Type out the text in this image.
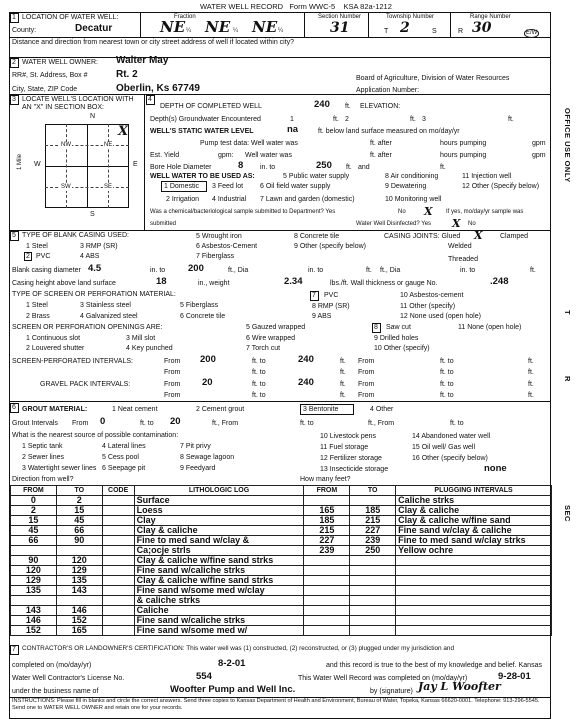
WATER WELL RECORD Form WWC-5 KSA 82a-1212
1 LOCATION OF WATER WELL:
County:	Decatur
Fraction
NE ¼ NE ¼ NE ¼
Section Number
31
Township Number
T 2	S
Range Number
R 30	E/W
Distance and direction from nearest town or city street address of well if located within city?
2 WATER WELL OWNER: Walter May
RR#, St. Address, Box #	Rt. 2
City, State, ZIP Code	Oberlin, Ks 67749
Board of Agriculture, Division of Water Resources
Application Number:
3 LOCATE WELL'S LOCATION WITH AN "X" IN SECTION BOX:
N
S
W	E
1 Mile
NW	NE
SW	SE
X
4
DEPTH OF COMPLETED WELL	240 ft. ELEVATION:
Depth(s) Groundwater Encountered	1	ft. 2	ft. 3	ft.
WELL'S STATIC WATER LEVEL	na	ft. below land surface measured on mo/day/yr
Pump test data: Well water was	ft. after	hours pumping	gpm
Est. Yield	gpm: Well water was	ft. after	hours pumping	gpm
Bore Hole Diameter	8 in. to	250 ft. and	ft.
WELL WATER TO BE USED AS:	5 Public water supply	8 Air conditioning	11 Injection well
1 Domestic 3 Feed lot 6 Oil field water supply	9 Dewatering	12 Other (Specify below)
2 Irrigation 4 Industrial 7 Lawn and garden (domestic)	10 Monitoring well
Was a chemical/bacteriological sample submitted to Department? Yes	No X If yes, mo/day/yr sample was
submitted	Water Well Disinfected? Yes X No
5 TYPE OF BLANK CASING USED:
1 Steel	3 RMP (SR)
5 Wrought iron	8 Concrete tile	CASING JOINTS: Glued X Clamped
6 Asbestos-Cement	9 Other (specify below)	Welded
2 PVC	4 ABS	7 Fiberglass	Threaded
Blank casing diameter 4.5	in. to 200	ft., Dia	in. to	ft. ft., Dia	in. to	ft.
Casing height above land surface	18	in., weight	2.34	lbs./ft. Wall thickness or gauge No.	.248
TYPE OF SCREEN OR PERFORATION MATERIAL:
1 Steel	3 Stainless steel	5 Fiberglass
7 PVC	10 Asbestos-cement
8 RMP (SR)	11 Other (specify)
2 Brass	4 Galvanized steel	6 Concrete tile	9 ABS	12 None used (open hole)
SCREEN OR PERFORATION OPENINGS ARE:	5 Gauzed wrapped	8 Saw cut	11 None (open hole)
1 Continuous slot	3 Mill slot	6 Wire wrapped	9 Drilled holes
2 Louvered shutter	4 Key punched	7 Torch cut	10 Other (specify)
SCREEN-PERFORATED INTERVALS:	From 200	ft. to	240	ft. From	ft. to	ft.
From	ft. to	ft. From	ft. to	ft.
GRAVEL PACK INTERVALS:	From 20	ft. to	240	ft. From	ft. to	ft.
From	ft. to	ft. From	ft. to	ft.
6 GROUT MATERIAL:	1 Neat cement	2 Cement grout	3 Bentonite	4 Other
Grout Intervals From 0	ft. to 20	ft., From	ft. to	ft., From	ft. to
What is the nearest source of possible contamination:
1 Septic tank	4 Lateral lines	7 Pit privy
10 Livestock pens	14 Abandoned water well
11 Fuel storage	15 Oil well/ Gas well
2 Sewer lines	5 Cess pool	8 Sewage lagoon	12 Fertilizer storage	16 Other (specify below)
3 Watertight sewer lines 6 Seepage pit	9 Feedyard	13 Insecticide storage	none
Direction from well?	How many feet?
FROM	TO	CODE	LITHOLOGIC LOG	FROM	TO	PLUGGING INTERVALS
0	2		Surface			Caliche strks
2	15		Loess	165	185	Clay & caliche
15	45		Clay	185	215	Clay & caliche w/fine sand
45	66		Clay & caliche	215	227	Fine sand w/clay & caliche
66	90		Fine to med sand w/clay &	227	239	Fine to med sand w/clay strks
			Ca;ocje strls	239	250	Yellow ochre
90	120		Clay & caliche w/fine sand strks			
120	129		Fine sand w/caliche strks			
129	135		Clay & caliche w/fine sand strks			
135	143		Fine sand w/some med w/clay			
			& caliche strks			
143	146		Caliche			
146	152		Fine sand w/caliche strks			
152	165		Fine sand w/some med w/			
7 CONTRACTOR'S OR LANDOWNER'S CERTIFICATION: This water well was (1) constructed, (2) reconstructed, or (3) plugged under my jurisdiction and
completed on (mo/day/yr)	8-2-01	and this record is true to the best of my knowledge and belief. Kansas
Water Well Contractor's License No.	554	This Water Well Record was completed on (mo/day/yr)	9-28-01
under the business name of	Woofter Pump and Well Inc.	by (signature) Jay L Woofter
INSTRUCTIONS: Please fill in blanks and circle the correct answers. Send three copies to Kansas Department of Health and Environment, Bureau of Water, Topeka, Kansas 66620-0001. Telephone: 913-296-5545. Send one to WATER WELL OWNER and retain one for your records.
OFFICE USE ONLY
T
R
SEC
